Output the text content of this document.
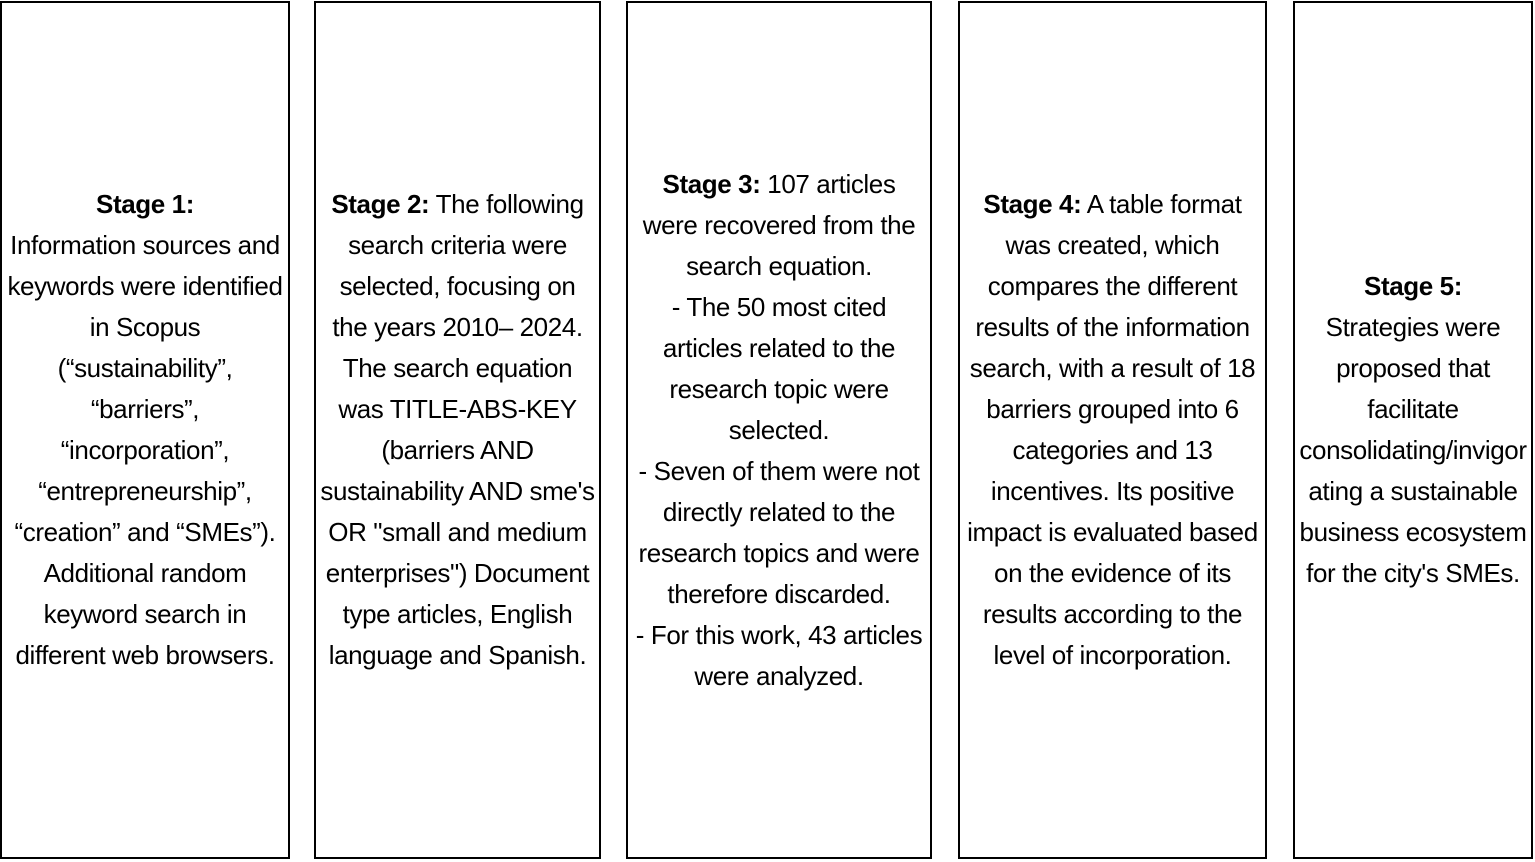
Stage 1:
Information sources and keywords were identified in Scopus (“sustainability”, “barriers”, “incorporation”, “entrepreneurship”, “creation” and “SMEs”). Additional random keyword search in different web browsers.
Stage 2: The following search criteria were selected, focusing on the years 2010– 2024. The search equation was TITLE-ABS-KEY (barriers AND sustainability AND sme's OR "small and medium enterprises") Document type articles, English language and Spanish.
Stage 3: 107 articles were recovered from the search equation.
- The 50 most cited articles related to the research topic were selected.
- Seven of them were not directly related to the research topics and were therefore discarded.
- For this work, 43 articles were analyzed.
Stage 4: A table format was created, which compares the different results of the information search, with a result of 18 barriers grouped into 6 categories and 13 incentives. Its positive impact is evaluated based on the evidence of its results according to the level of incorporation.
Stage 5:
Strategies were proposed that facilitate consolidating/invigorating a sustainable business ecosystem for the city's SMEs.
